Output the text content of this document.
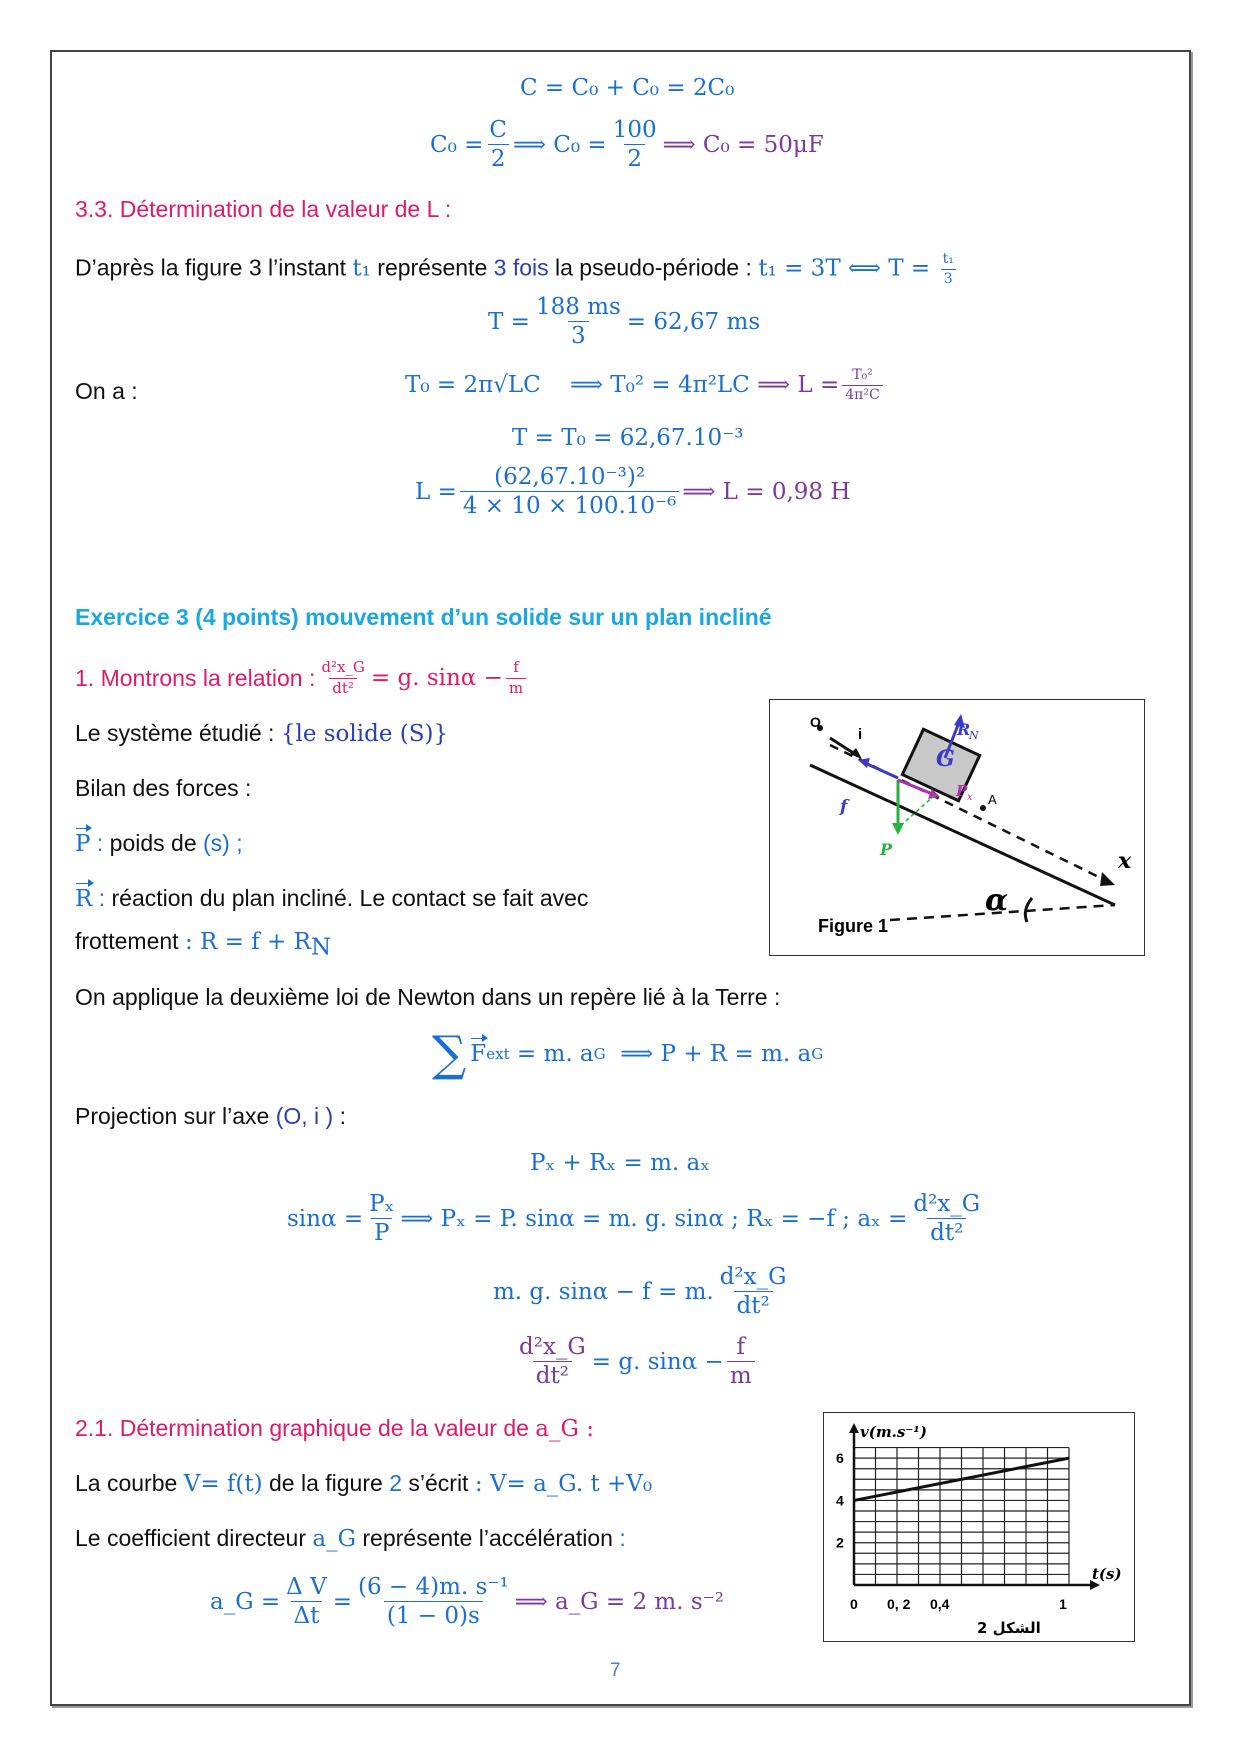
C = C₀ + C₀ = 2C₀
$C_0 = \frac{C}{2}$ ⟹ $C_0 = \frac{100}{2}$ ⟹ C₀ = 50μF
3.3. Détermination de la valeur de L :
D’après la figure 3 l’instant t₁ représente 3 fois la pseudo-période : t₁ = 3T ⟺ $T = \frac{\text{t₁}}{3}$
$T = \frac{188 ms}{3} = 62,67$ ms
On a :	T₀ = 2π√LC
⟹ T₀² = 4π²LC
⟹ $L = \frac{\text{T₀²}}{\text{4π²C}}$
T = T₀ = 62,67.10⁻³
$L = \frac{\text{(62,67.10⁻³)²}}{\text{4 × 10 × 100.10⁻⁶}}$ ⟹ L = 0,98 H
Exercice 3 (4 points) mouvement d’un solide sur un plan incliné
1. Montrons la relation : $\frac{\text{d²x\_G}}{\text{dt²}} = g$. $\sin\alpha - \frac{f}{m}$
Le système étudié : {le solide (S)}
Bilan des forces :
P : poids de (s) ;
R : réaction du plan incliné. Le contact se fait avec
frottement : $R = f + R_N$
On applique la deuxième loi de Newton dans un repère lié à la Terre :
∑ F ext
= m. a G ⟹ P + R = m. a G
Projection sur l’axe (O, i ) :
Pₓ + Rₓ = m. aₓ
$\sin\alpha = \frac{\text{Pₓ}}{P}$ ⟹ Pₓ = P. sinα = m. g. sinα ; Rₓ = −f ; $a_x = \frac{\text{d²x\_G}}{\text{dt²}}$
m. g. sinα − f = m. $\frac{\text{d²x\_G}}{\text{dt²}}$
$\frac{\text{d²x\_G}}{\text{dt²}} = g$. $\sin\alpha - \frac{f}{m}$
2.1. Détermination graphique de la valeur de a_G :
La courbe V= f(t) de la figure 2 s’écrit : V= a_G. t +V₀
Le coefficient directeur a_G représente l’accélération :
a_G = $\frac{\text{Δ V}}{\Delta t} = \frac{\text{(6 − 4)m. s⁻¹}}{(1 - 0)s}$ ⟹ a_G = 2 m. s⁻²
O
i	R
N
G
P x A
f
P	x
α
Figure 1
6
4
2
0 0, 2 0,4	1
v(m.s⁻¹)
t(s)
الشكل 2
7
